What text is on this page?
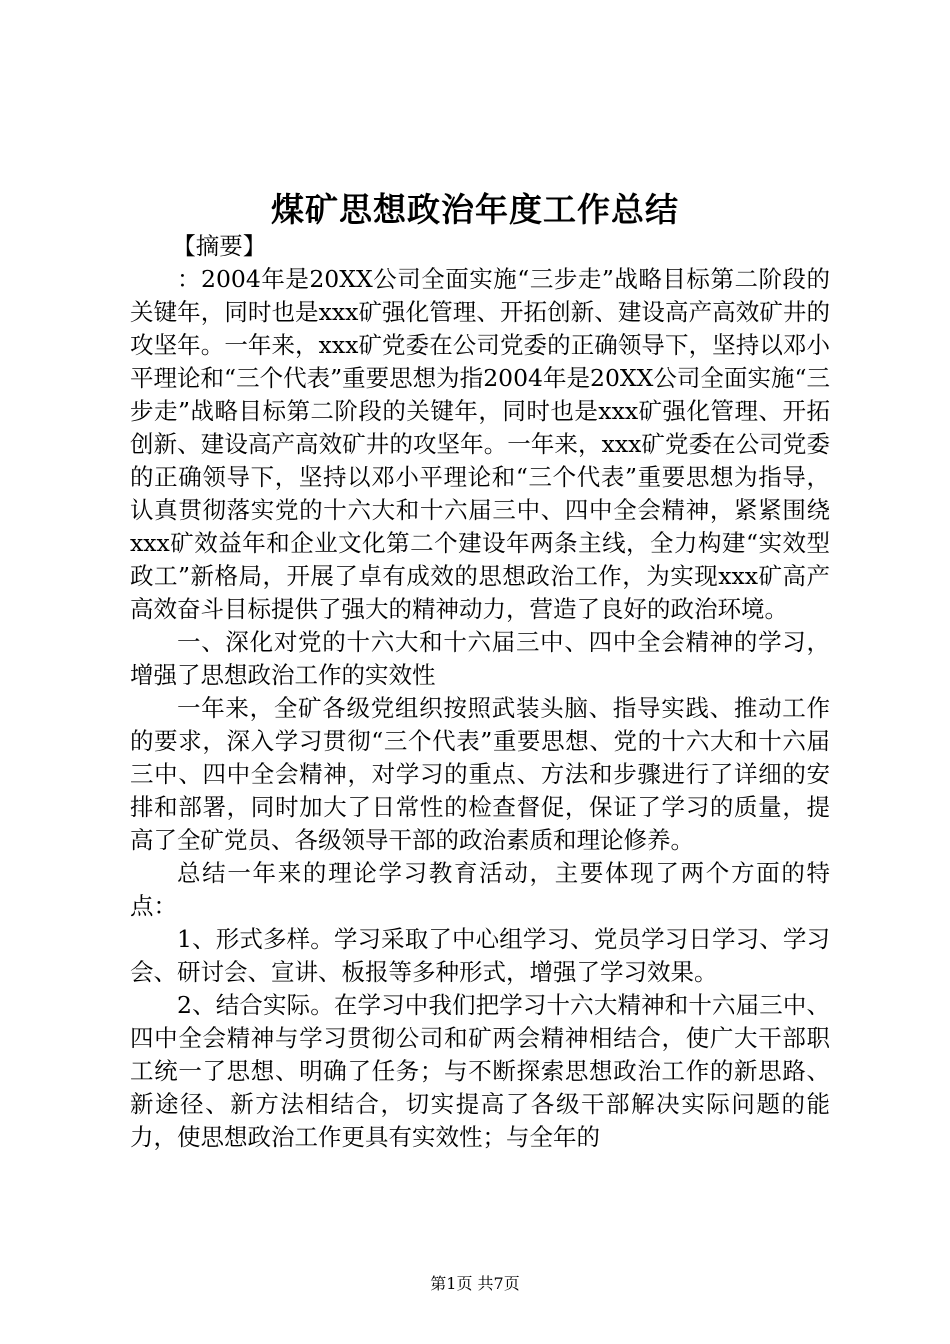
煤矿思想政治年度工作总结

【摘要】

：2004年是20XX公司全面实施“三步走”战略目标第二阶段的关键年，同时也是xxx矿强化管理、开拓创新、建设高产高效矿井的攻坚年。一年来，xxx矿党委在公司党委的正确领导下，坚持以邓小平理论和“三个代表”重要思想为指2004年是20XX公司全面实施“三步走”战略目标第二阶段的关键年，同时也是xxx矿强化管理、开拓创新、建设高产高效矿井的攻坚年。一年来，xxx矿党委在公司党委的正确领导下，坚持以邓小平理论和“三个代表”重要思想为指导，认真贯彻落实党的十六大和十六届三中、四中全会精神，紧紧围绕xxx矿效益年和企业文化第二个建设年两条主线，全力构建“实效型政工”新格局，开展了卓有成效的思想政治工作，为实现xxx矿高产高效奋斗目标提供了强大的精神动力，营造了良好的政治环境。

一、深化对党的十六大和十六届三中、四中全会精神的学习，增强了思想政治工作的实效性

一年来，全矿各级党组织按照武装头脑、指导实践、推动工作的要求，深入学习贯彻“三个代表”重要思想、党的十六大和十六届三中、四中全会精神，对学习的重点、方法和步骤进行了详细的安排和部署，同时加大了日常性的检查督促，保证了学习的质量，提高了全矿党员、各级领导干部的政治素质和理论修养。

总结一年来的理论学习教育活动，主要体现了两个方面的特点：

1、形式多样。学习采取了中心组学习、党员学习日学习、学习会、研讨会、宣讲、板报等多种形式，增强了学习效果。

2、结合实际。在学习中我们把学习十六大精神和十六届三中、四中全会精神与学习贯彻公司和矿两会精神相结合，使广大干部职工统一了思想、明确了任务；与不断探索思想政治工作的新思路、新途径、新方法相结合，切实提高了各级干部解决实际问题的能力，使思想政治工作更具有实效性；与全年的

第1页 共7页
